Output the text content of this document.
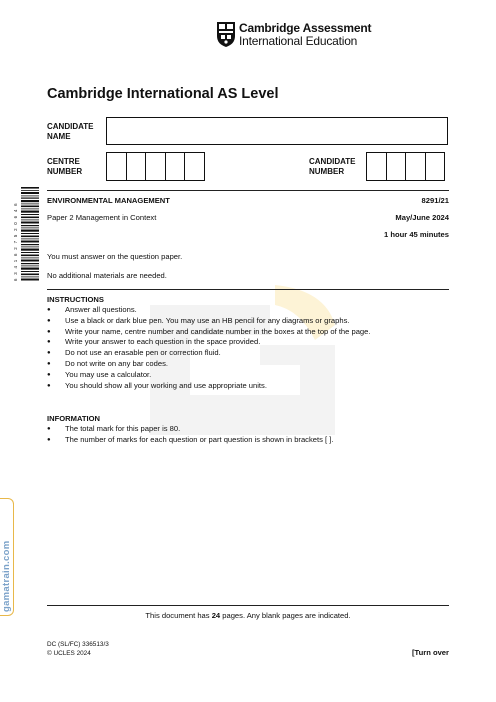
Cambridge Assessment
International Education
Cambridge International AS Level
CANDIDATE
NAME
CENTRE
NUMBER
CANDIDATE
NUMBER
6 3 4 1 6 2 7 5 2 0 6 4 6
ENVIRONMENTAL MANAGEMENT	8291/21
Paper 2 Management in Context	May/June 2024
1 hour 45 minutes
You must answer on the question paper.
No additional materials are needed.
INSTRUCTIONS
● Answer all questions.
● Use a black or dark blue pen. You may use an HB pencil for any diagrams or graphs.
● Write your name, centre number and candidate number in the boxes at the top of the page.
● Write your answer to each question in the space provided.
● Do not use an erasable pen or correction fluid.
● Do not write on any bar codes.
● You may use a calculator.
● You should show all your working and use appropriate units.
INFORMATION
● The total mark for this paper is 80.
● The number of marks for each question or part question is shown in brackets [ ].
gamatrain.com
This document has 24 pages. Any blank pages are indicated.
DC (SL/FC) 336513/3
© UCLES 2024	[Turn over
